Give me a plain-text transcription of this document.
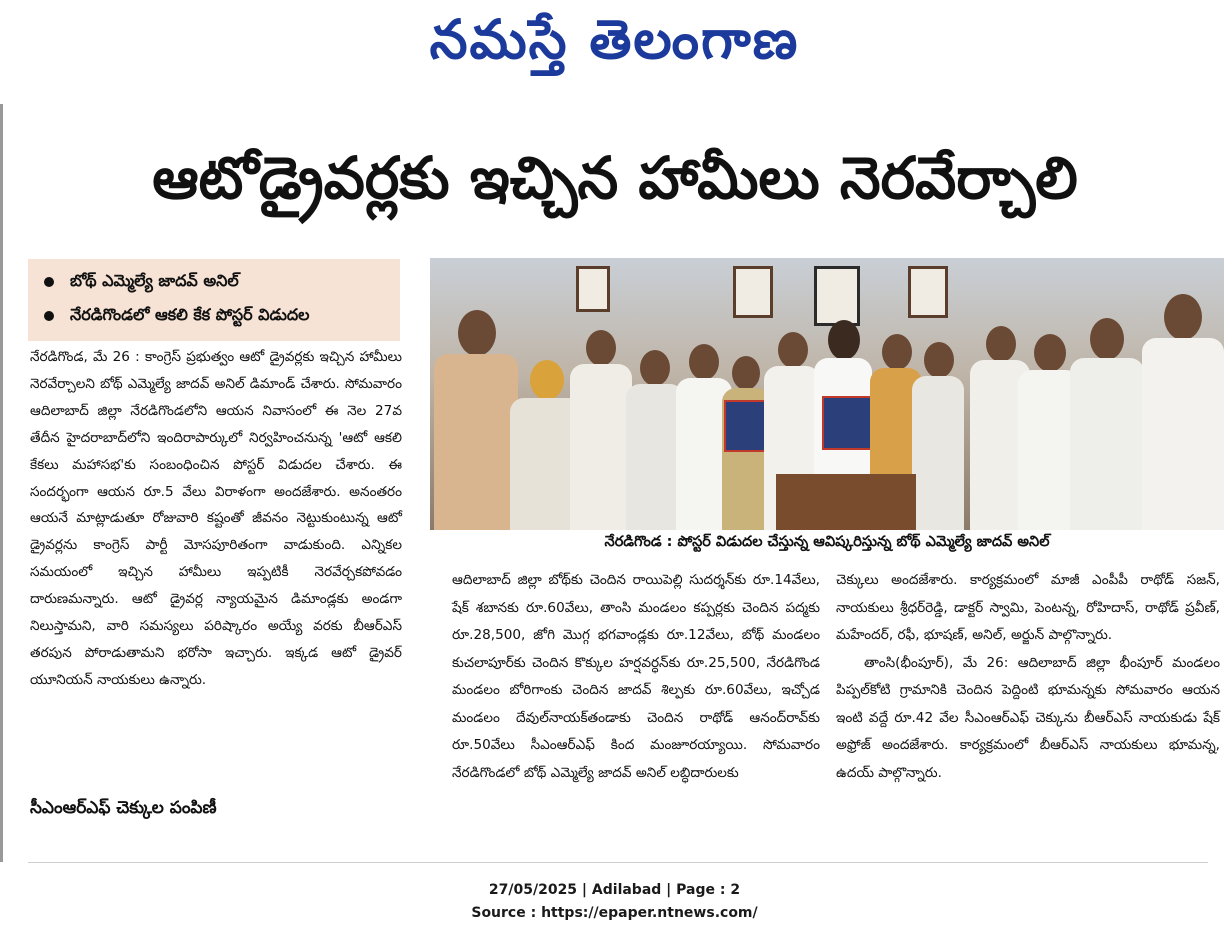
నమస్తే తెలంగాణ
ఆటోడ్రైవర్లకు ఇచ్చిన హామీలు నెరవేర్చాలి
బోథ్ ఎమ్మెల్యే జాదవ్ అనిల్
నేరడిగొండలో ఆకలి కేక పోస్టర్ విడుదల

నేరడిగొండ, మే 26 : కాంగ్రెస్ ప్రభుత్వం ఆటో డ్రైవర్లకు ఇచ్చిన హామీలు నెరవేర్చాలని బోథ్ ఎమ్మెల్యే జాదవ్ అనిల్ డిమాండ్ చేశారు. సోమవారం ఆదిలాబాద్ జిల్లా నేరడిగొండలోని ఆయన నివాసంలో ఈ నెల 27వ తేదీన హైదరాబాద్‌లోని ఇందిరాపార్కులో నిర్వహించనున్న 'ఆటో ఆకలి కేకలు మహాసభ'కు సంబంధించిన పోస్టర్ విడుదల చేశారు. ఈ సందర్భంగా ఆయన రూ.5 వేలు విరాళంగా అందజేశారు. అనంతరం ఆయనే మాట్లాడుతూ రోజువారి కష్టంతో జీవనం నెట్టుకుంటున్న ఆటో డ్రైవర్లను కాంగ్రెస్ పార్టీ మోసపూరితంగా వాడుకుంది. ఎన్నికల సమయంలో ఇచ్చిన హామీలు ఇప్పటికీ నెరవేర్చకపోవడం దారుణమన్నారు. ఆటో డ్రైవర్ల న్యాయమైన డిమాండ్లకు అండగా నిలుస్తామని, వారి సమస్యలు పరిష్కారం అయ్యే వరకు బీఆర్ఎస్ తరపున పోరాడుతామని భరోసా ఇచ్చారు. ఇక్కడ ఆటో డ్రైవర్ యూనియన్ నాయకులు ఉన్నారు.

సీఎంఆర్ఎఫ్ చెక్కుల పంపిణీ
నేరడిగొండ : పోస్టర్ విడుదల చేస్తున్న ఆవిష్కరిస్తున్న బోథ్ ఎమ్మెల్యే జాదవ్ అనిల్

ఆదిలాబాద్ జిల్లా బోథ్‌కు చెందిన రాయిపెల్లి సుదర్శన్‌కు రూ.14వేలు, షేక్ శబానకు రూ.60వేలు, తాంసి మండలం కప్పర్లకు చెందిన పద్మకు రూ.28,500, జోగి మొగ్గ భగవాండ్లకు రూ.12వేలు, బోథ్ మండలం కుచలాపూర్‌కు చెందిన కొక్కుల హర్షవర్ధన్‌కు రూ.25,500, నేరడిగొండ మండలం బోరిగాంకు చెందిన జాదవ్ శిల్పకు రూ.60వేలు, ఇచ్చోడ మండలం దేవుల్‌నాయక్‌తండాకు చెందిన రాథోడ్ ఆనంద్‌రావ్‌కు రూ.50వేలు సీఎంఆర్ఎఫ్ కింద మంజూరయ్యాయి. సోమవారం నేరడిగొండలో బోథ్ ఎమ్మెల్యే జాదవ్ అనిల్ లబ్ధిదారులకు

చెక్కులు అందజేశారు. కార్యక్రమంలో మాజీ ఎంపీపీ రాథోడ్ సజన్, నాయకులు శ్రీధర్‌రెడ్డి, డాక్టర్ స్వామి, పెంటన్న, రోహిదాస్, రాథోడ్ ప్రవీణ్, మహేందర్, రఫీ, భూషణ్, అనిల్, అర్జున్ పాల్గొన్నారు.

తాంసి(భీంపూర్), మే 26: ఆదిలాబాద్ జిల్లా భీంపూర్ మండలం పిప్పల్‌కోటి గ్రామానికి చెందిన పెద్దింటి భూమన్నకు సోమవారం ఆయన ఇంటి వద్దే రూ.42 వేల సీఎంఆర్ఎఫ్ చెక్కును బీఆర్ఎస్ నాయకుడు షేక్ అఫ్రోజ్ అందజేశారు. కార్యక్రమంలో బీఆర్ఎస్ నాయకులు భూమన్న, ఉదయ్ పాల్గొన్నారు.

27/05/2025 | Adilabad | Page : 2
Source : https://epaper.ntnews.com/
